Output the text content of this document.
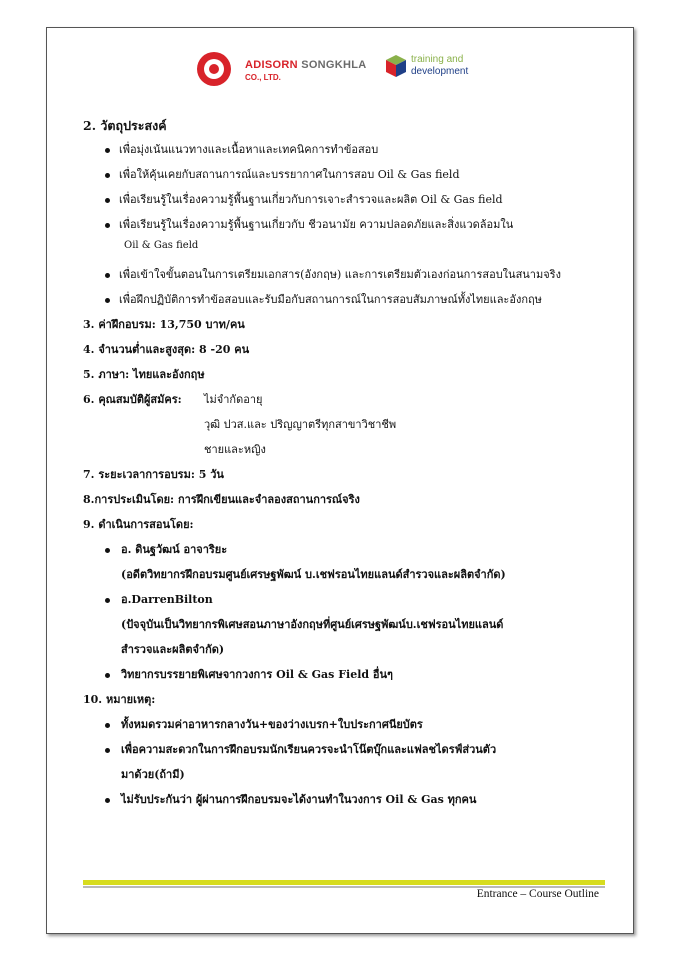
ADISORN SONGKHLA
CO., LTD.
training and
development
2. วัตถุประสงค์
เพื่อมุ่งเน้นแนวทางและเนื้อหาและเทคนิคการทำข้อสอบ
เพื่อให้คุ้นเคยกับสถานการณ์และบรรยากาศในการสอบ Oil & Gas field
เพื่อเรียนรู้ในเรื่องความรู้พื้นฐานเกี่ยวกับการเจาะสำรวจและผลิต Oil & Gas field
เพื่อเรียนรู้ในเรื่องความรู้พื้นฐานเกี่ยวกับ ชีวอนามัย ความปลอดภัยและสิ่งแวดล้อมใน
Oil & Gas field
เพื่อเข้าใจขั้นตอนในการเตรียมเอกสาร(อังกฤษ) และการเตรียมตัวเองก่อนการสอบในสนามจริง
เพื่อฝึกปฏิบัติการทำข้อสอบและรับมือกับสถานการณ์ในการสอบสัมภาษณ์ทั้งไทยและอังกฤษ
3. ค่าฝึกอบรม: 13,750 บาท/คน
4. จำนวนต่ำและสูงสุด: 8 -20 คน
5. ภาษา: ไทยและอังกฤษ
6. คุณสมบัติผู้สมัคร: ไม่จำกัดอายุ
วุฒิ ปวส.และ ปริญญาตรีทุกสาขาวิชาชีพ
ชายและหญิง
7. ระยะเวลาการอบรม: 5 วัน
8.การประเมินโดย: การฝึกเขียนและจำลองสถานการณ์จริง
9. ดำเนินการสอนโดย:
อ. ดินฐวัฒน์ อาจาริยะ
(อดีตวิทยากรฝึกอบรมศูนย์เศรษฐพัฒน์ บ.เชฟรอนไทยแลนด์สำรวจและผลิตจำกัด)
อ.DarrenBilton
(ปัจจุบันเป็นวิทยากรพิเศษสอนภาษาอังกฤษที่ศูนย์เศรษฐพัฒน์บ.เชฟรอนไทยแลนด์
สำรวจและผลิตจำกัด)
วิทยากรบรรยายพิเศษจากวงการ Oil & Gas Field อื่นๆ
10. หมายเหตุ:
ทั้งหมดรวมค่าอาหารกลางวัน+ของว่างเบรก+ใบประกาศนียบัตร
เพื่อความสะดวกในการฝึกอบรมนักเรียนควรจะนำโน๊ตบุ๊กและแฟลชไดรฟ์ส่วนตัว
มาด้วย(ถ้ามี)
ไม่รับประกันว่า ผู้ผ่านการฝึกอบรมจะได้งานทำในวงการ Oil & Gas ทุกคน
Entrance – Course Outline
